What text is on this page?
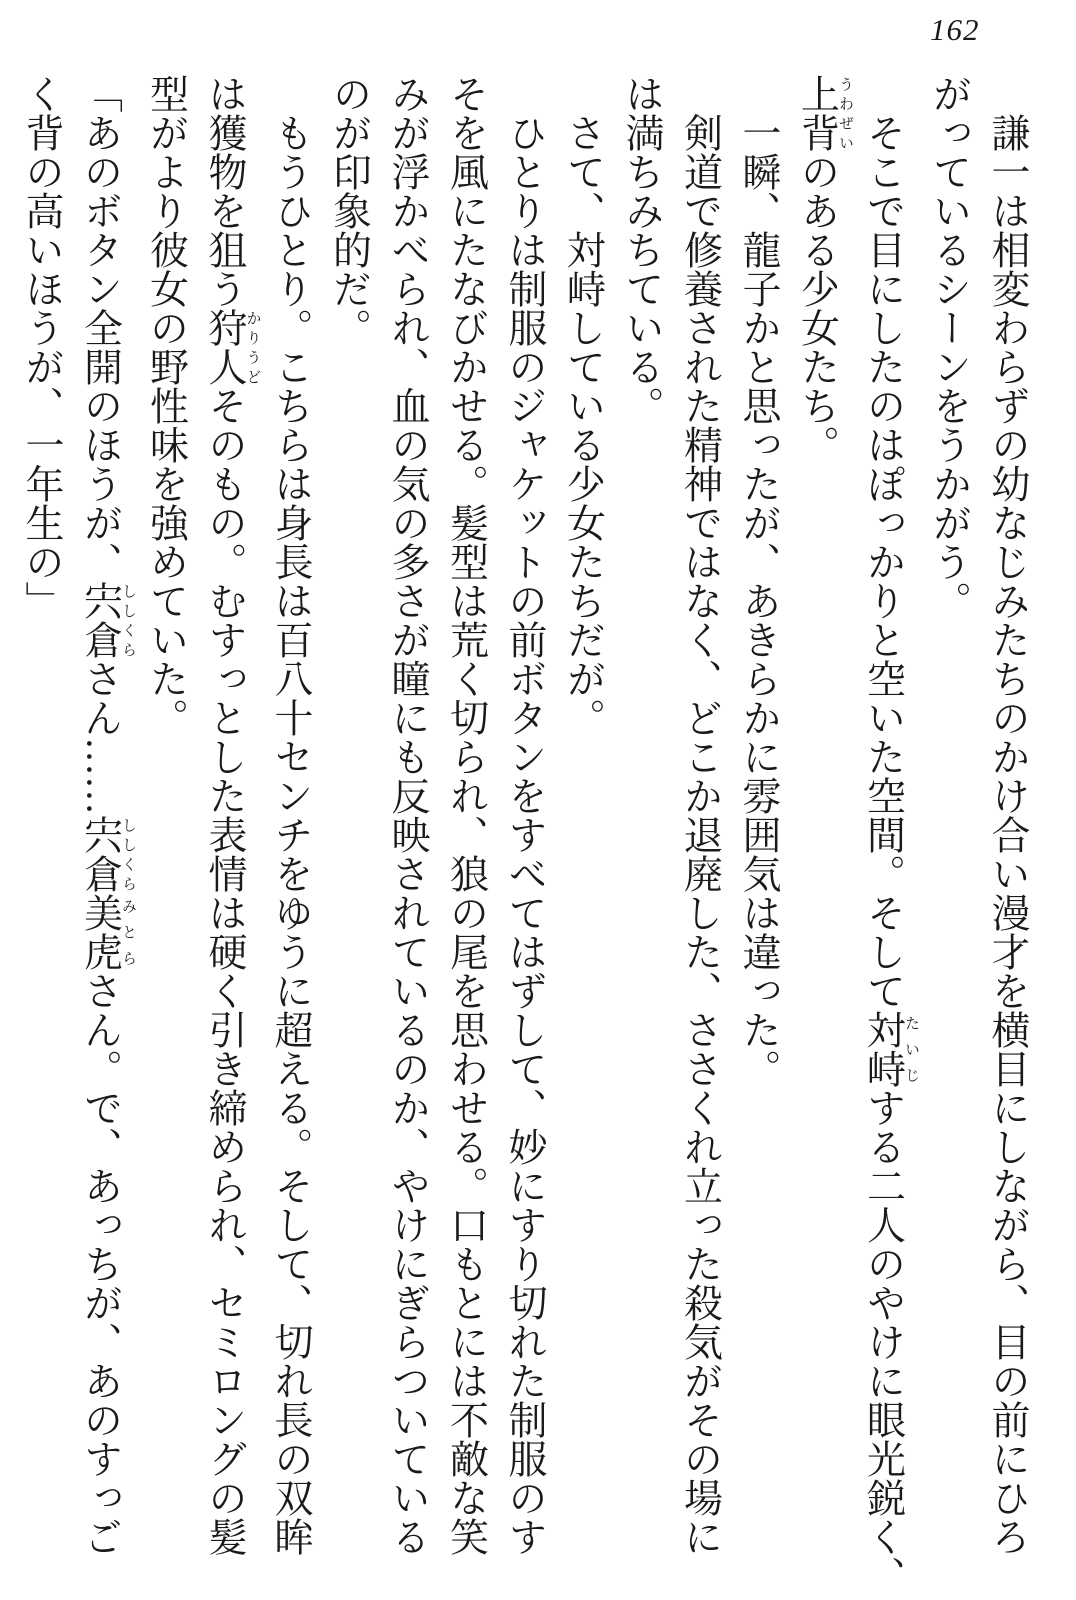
162

謙一は相変わらずの幼なじみたちのかけ合い漫才を横目にしながら、目の前にひろ

がっているシーンをうかがう。

そこで目にしたのはぽっかりと空いた空間。そして対峙たいじする二人のやけに眼光鋭く、

上背うわぜいのある少女たち。

一瞬、龍子かと思ったが、あきらかに雰囲気は違った。

剣道で修養された精神ではなく、どこか退廃した、ささくれ立った殺気がその場に

は満ちみちている。

さて、対峙している少女たちだが。

ひとりは制服のジャケットの前ボタンをすべてはずして、妙にすり切れた制服のす

そを風にたなびかせる。髪型は荒く切られ、狼の尾を思わせる。口もとには不敵な笑

みが浮かべられ、血の気の多さが瞳にも反映されているのか、やけにぎらついている

のが印象的だ。

もうひとり。こちらは身長は百八十センチをゆうに超える。そして、切れ長の双眸

は獲物を狙う狩人かりうどそのもの。むすっとした表情は硬く引き締められ、セミロングの髪

型がより彼女の野性味を強めていた。

「あのボタン全開のほうが、宍倉ししくらさん……宍倉ししくら美虎みとらさん。で、あっちが、あのすっご

く背の高いほうが、一年生の」
